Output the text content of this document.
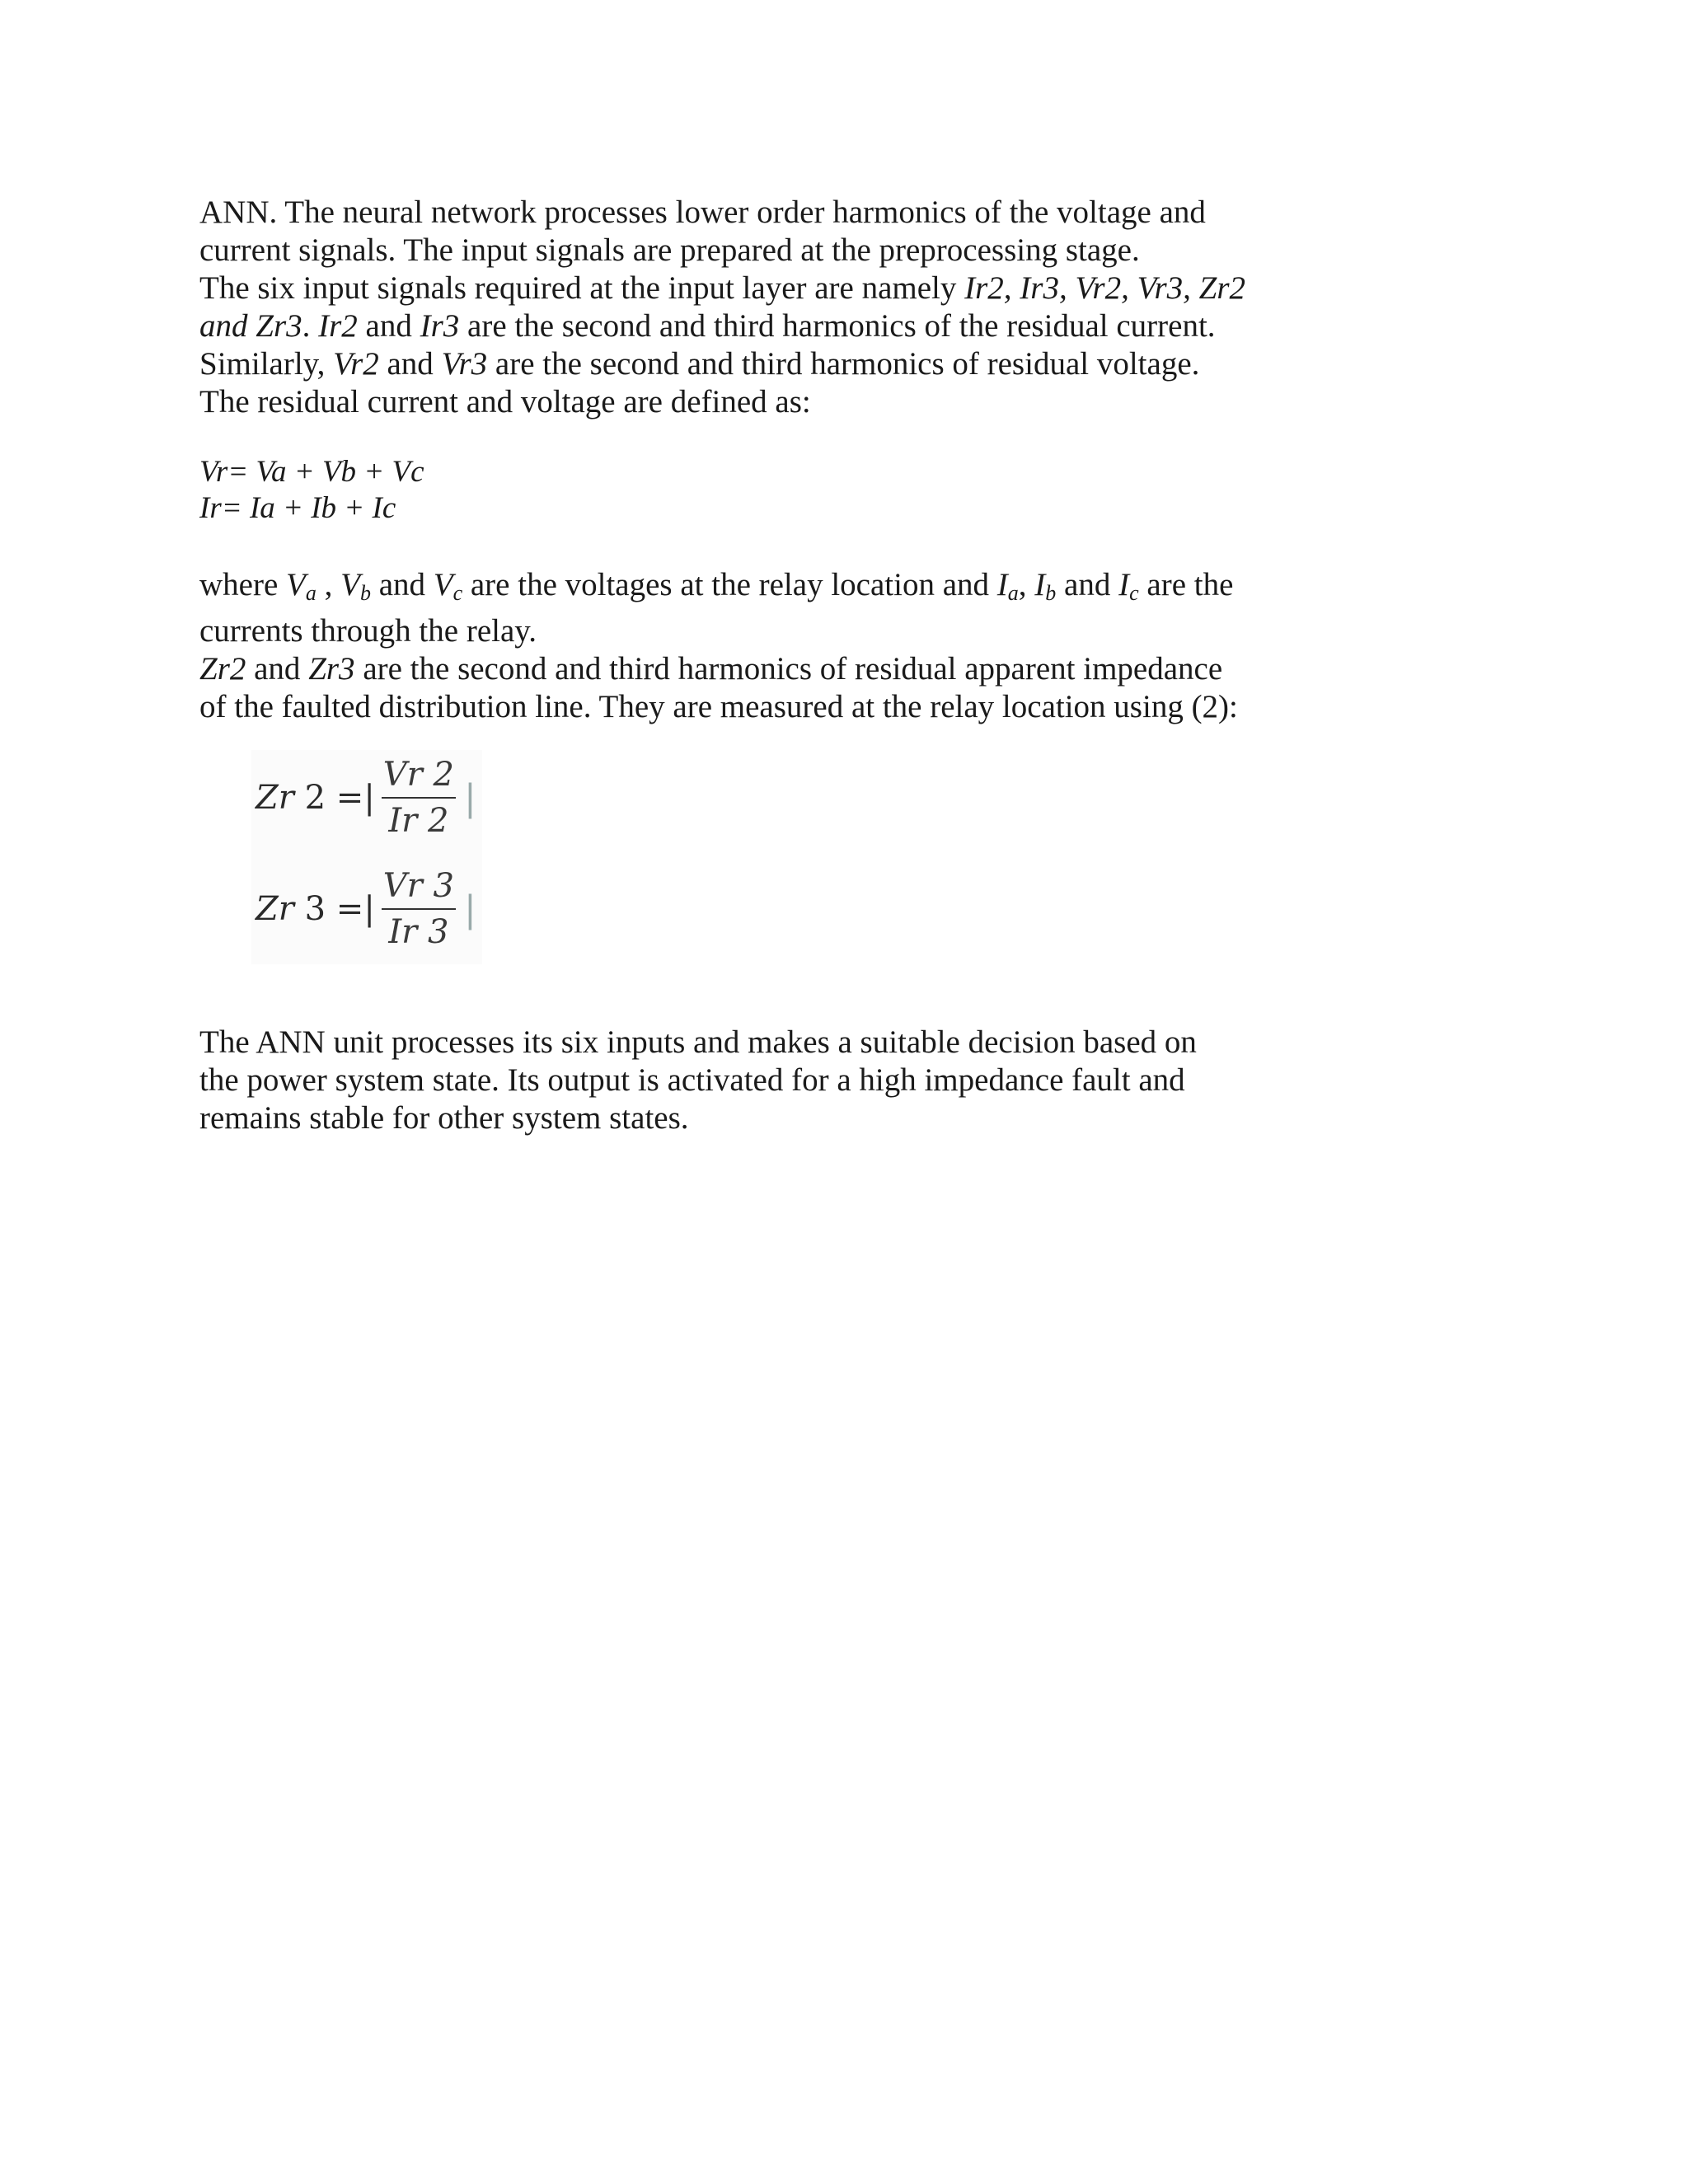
ANN. The neural network processes lower order harmonics of the voltage and
current signals. The input signals are prepared at the preprocessing stage.
The six input signals required at the input layer are namely Ir2, Ir3, Vr2, Vr3, Zr2
and Zr3. Ir2 and Ir3 are the second and third harmonics of the residual current.
Similarly, Vr2 and Vr3 are the second and third harmonics of residual voltage.
The residual current and voltage are defined as:
Vr= Va + Vb + Vc
Ir= Ia + Ib + Ic
where $V_a$ , $V_b$ and $V_c$ are the voltages at the relay location and $I_a$, $I_b$ and $I_c$ are the
currents through the relay.
Zr2 and Zr3 are the second and third harmonics of residual apparent impedance
of the faulted distribution line. They are measured at the relay location using (2):
Zr 2 =| $\frac{Vr 2}{Ir 2}$ |
Zr 3 =| $\frac{Vr 3}{Ir 3}$ |
The ANN unit processes its six inputs and makes a suitable decision based on
the power system state. Its output is activated for a high impedance fault and
remains stable for other system states.
